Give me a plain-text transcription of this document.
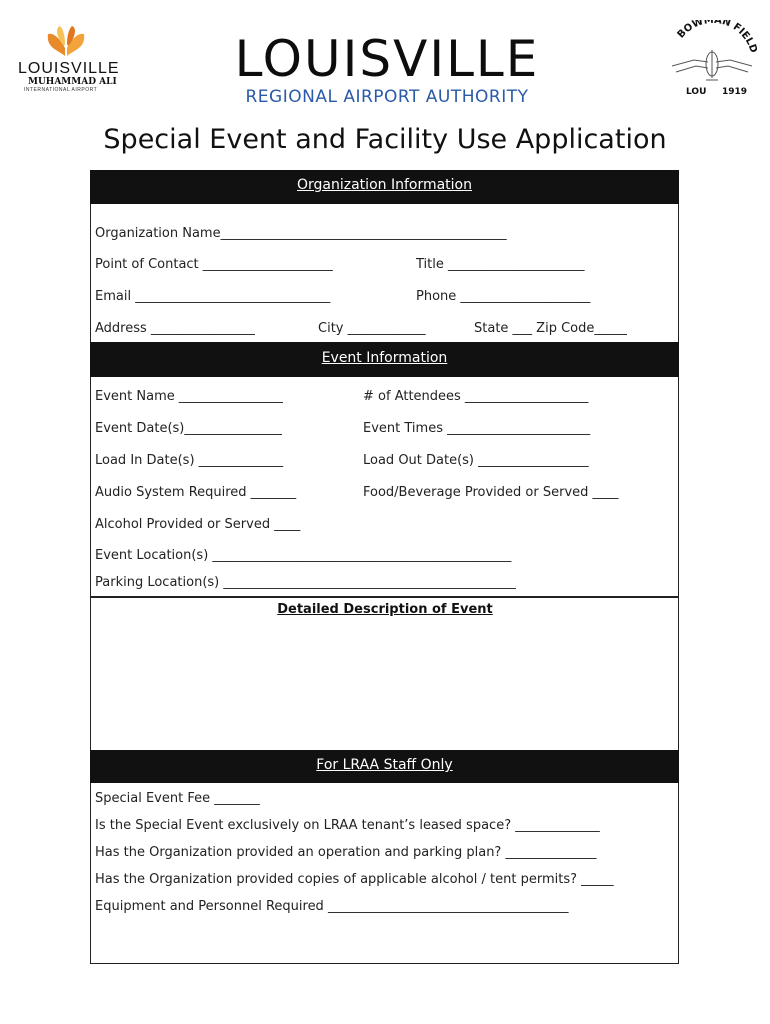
LOUISVILLE
MUHAMMAD ALI
INTERNATIONAL AIRPORT
LOUISVILLE
REGIONAL AIRPORT AUTHORITY
BOWMAN FIELD
LOU 1919
Special Event and Facility Use Application
Organization Information
Organization Name____________________________________________
Point of Contact ____________________	Title _____________________
Email ______________________________	Phone ____________________
Address ________________	City ____________	State ___ Zip Code_____
Event Information
Event Name ________________	# of Attendees ___________________
Event Date(s)_______________	Event Times ______________________
Load In Date(s) _____________	Load Out Date(s) _________________
Audio System Required _______	Food/Beverage Provided or Served ____
Alcohol Provided or Served ____
Event Location(s) ______________________________________________
Parking Location(s) _____________________________________________
Detailed Description of Event
For LRAA Staff Only
Special Event Fee _______
Is the Special Event exclusively on LRAA tenant’s leased space? _____________
Has the Organization provided an operation and parking plan? ______________
Has the Organization provided copies of applicable alcohol / tent permits? _____
Equipment and Personnel Required _____________________________________
